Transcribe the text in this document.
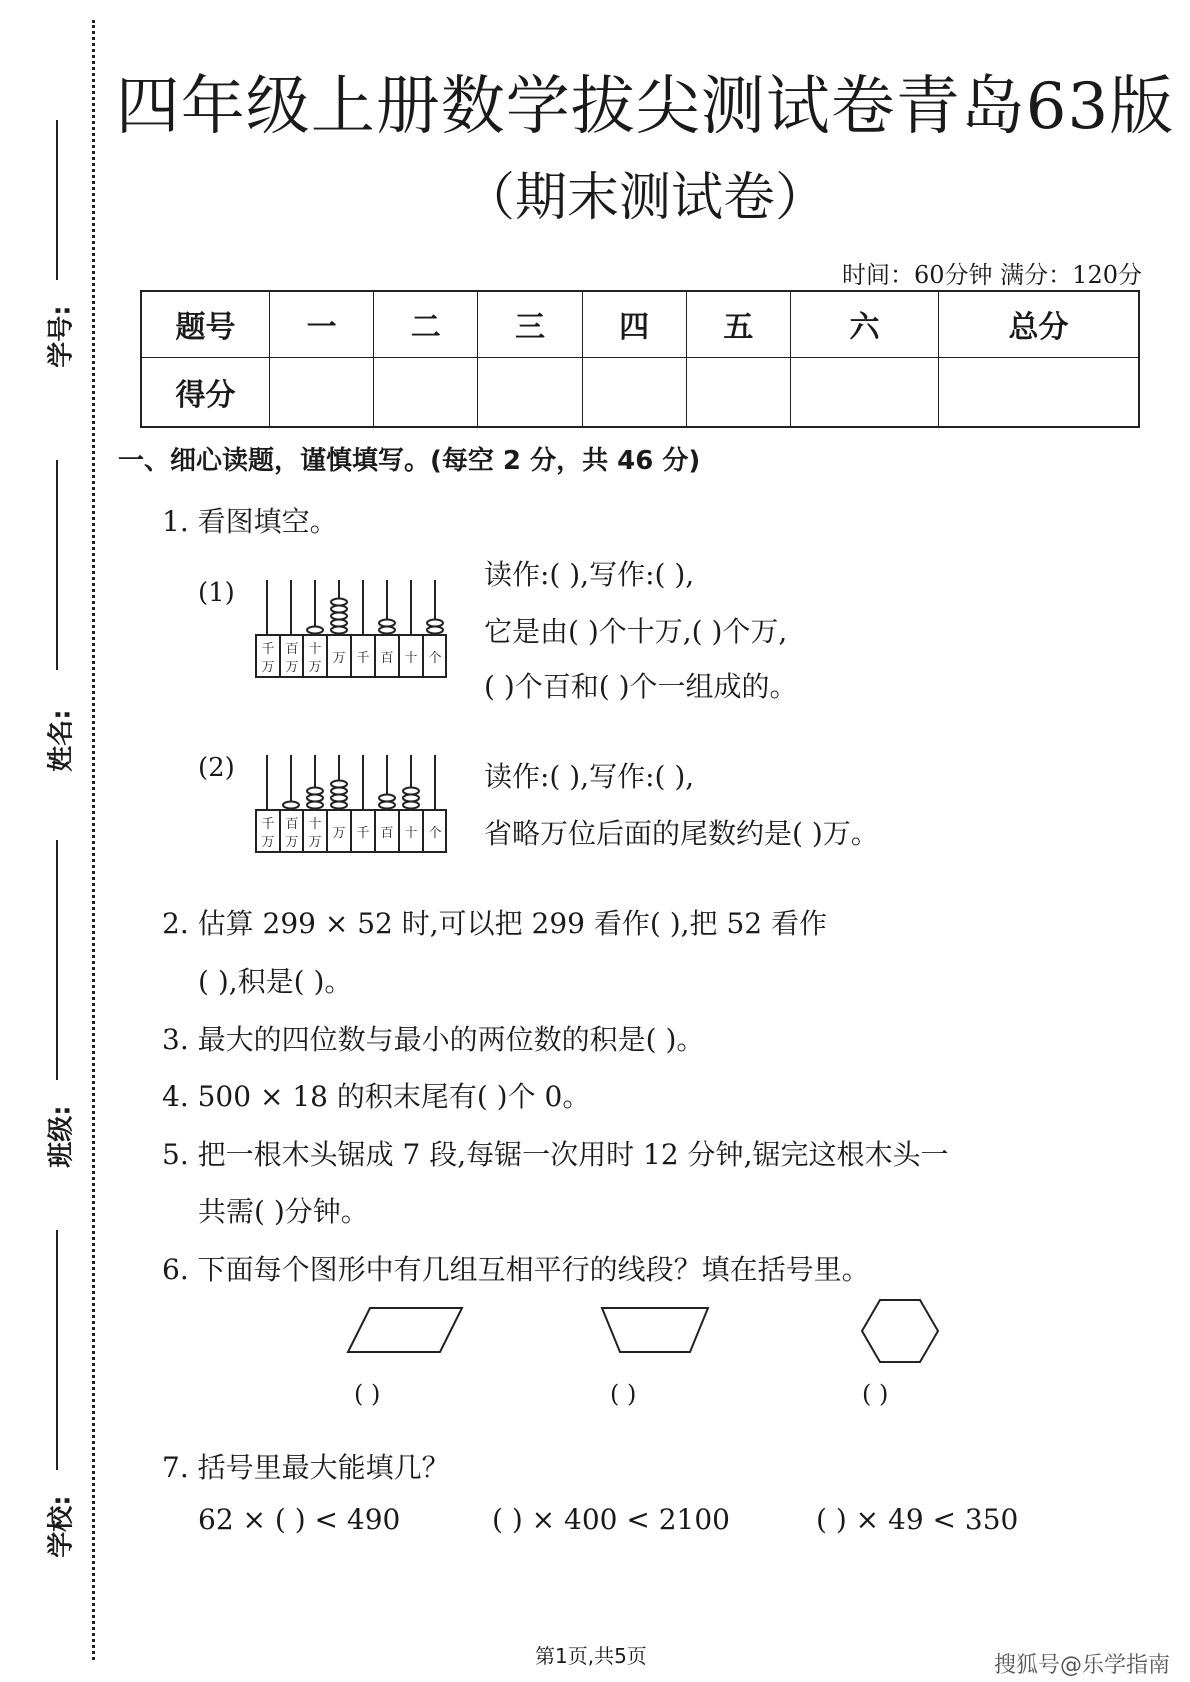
学号:
姓名:
班级:
学校:
四年级上册数学拔尖测试卷青岛63版
（期末测试卷）
时间：60分钟 满分：120分
题号	一	二	三	四	五	六	总分
得分							
一、细心读题，谨慎填写。(每空 2 分，共 46 分)
1. 看图填空。
(1)
千
万
百
万
十
万
万 千 百 十 个
读作:( ),写作:( ),
它是由( )个十万,( )个万,
( )个百和( )个一组成的。
(2)
千
万
百
万
十
万
万 千 百 十 个
读作:( ),写作:( ),
省略万位后面的尾数约是( )万。
2. 估算 299 × 52 时,可以把 299 看作( ),把 52 看作
( ),积是( )。
3. 最大的四位数与最小的两位数的积是( )。
4. 500 × 18 的积末尾有( )个 0。
5. 把一根木头锯成 7 段,每锯一次用时 12 分钟,锯完这根木头一
共需( )分钟。
6. 下面每个图形中有几组互相平行的线段？填在括号里。
( )	( )	( )
7. 括号里最大能填几？
62 × ( ) < 490	( ) × 400 < 2100	( ) × 49 < 350
第1页,共5页	搜狐号@乐学指南
